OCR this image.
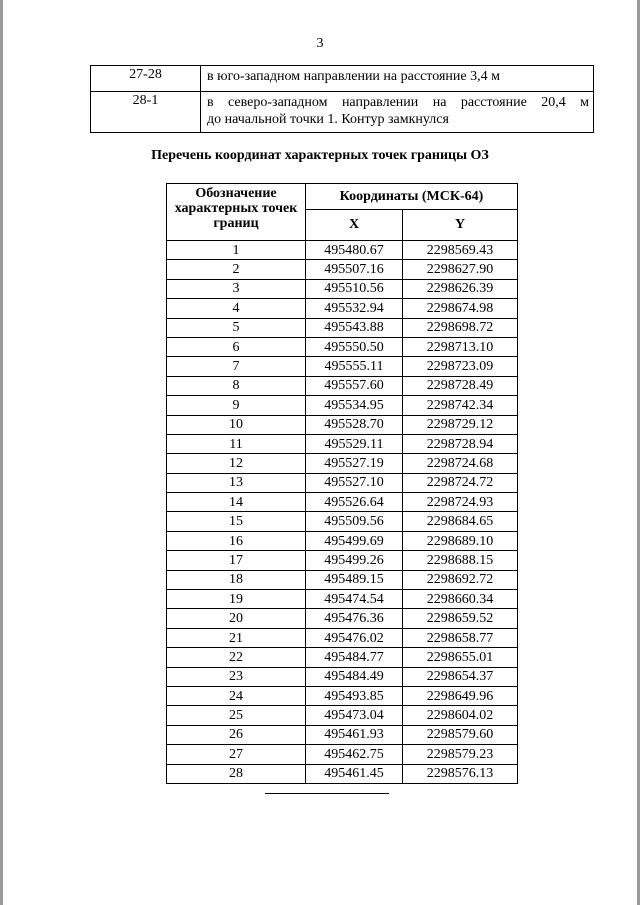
3
27-28	в юго-западном направлении на расстояние 3,4 м
28-1	в северо-западном направлении на расстояние 20,4 м
до начальной точки 1. Контур замкнулся
Перечень координат характерных точек границы ОЗ
Обозначение характерных точек границ	Координаты (МСК-64)	
	X	Y
1	495480.67	2298569.43
2	495507.16	2298627.90
3	495510.56	2298626.39
4	495532.94	2298674.98
5	495543.88	2298698.72
6	495550.50	2298713.10
7	495555.11	2298723.09
8	495557.60	2298728.49
9	495534.95	2298742.34
10	495528.70	2298729.12
11	495529.11	2298728.94
12	495527.19	2298724.68
13	495527.10	2298724.72
14	495526.64	2298724.93
15	495509.56	2298684.65
16	495499.69	2298689.10
17	495499.26	2298688.15
18	495489.15	2298692.72
19	495474.54	2298660.34
20	495476.36	2298659.52
21	495476.02	2298658.77
22	495484.77	2298655.01
23	495484.49	2298654.37
24	495493.85	2298649.96
25	495473.04	2298604.02
26	495461.93	2298579.60
27	495462.75	2298579.23
28	495461.45	2298576.13
